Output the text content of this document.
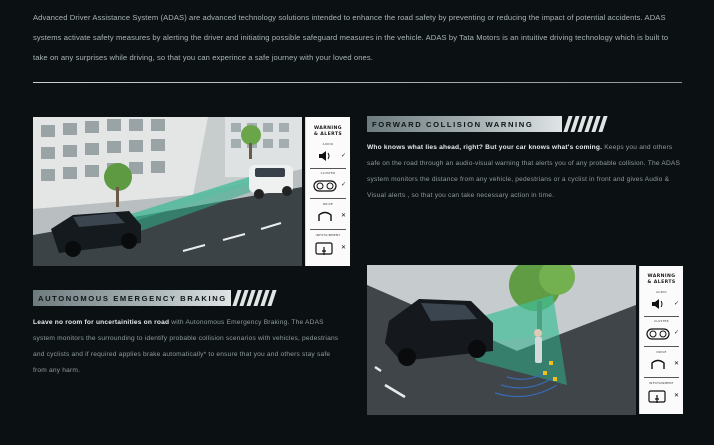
Advanced Driver Assistance System (ADAS) are advanced technology solutions intended to enhance the road safety by preventing or reducing the impact of potential accidents. ADAS systems activate safety measures by alerting the driver and initiating possible safeguard measures in the vehicle. ADAS by Tata Motors is an intuitive driving technology which is built to take on any surprises while driving, so that you can experince a safe journey with your loved ones.
WARNING
& ALERTS
AUDIO
✓
CLUSTER
✓
DRIVE
✕
INFOTAINMENT
✕
FORWARD COLLISION WARNING
Who knows what lies ahead, right? But your car knows what's coming. Keeps you and others safe on the road through an audio-visual warning that alerts you of any probable collision. The ADAS system monitors the distance from any vehicle, pedestrians or a cyclist in front and gives Audio & Visual alerts , so that you can take necessary action in time.
AUTONOMOUS EMERGENCY BRAKING
Leave no room for uncertainities on road with Autonomous Emergency Braking. The ADAS system monitors the surrounding to identify probable collision scenarios with vehicles, pedestrians and cyclists and if required applies brake automatically* to ensure that you and others stay safe from any harm.
WARNING
& ALERTS
AUDIO
✓
CLUSTER
✓
DRIVE
✕
INFOTAINMENT
✕
